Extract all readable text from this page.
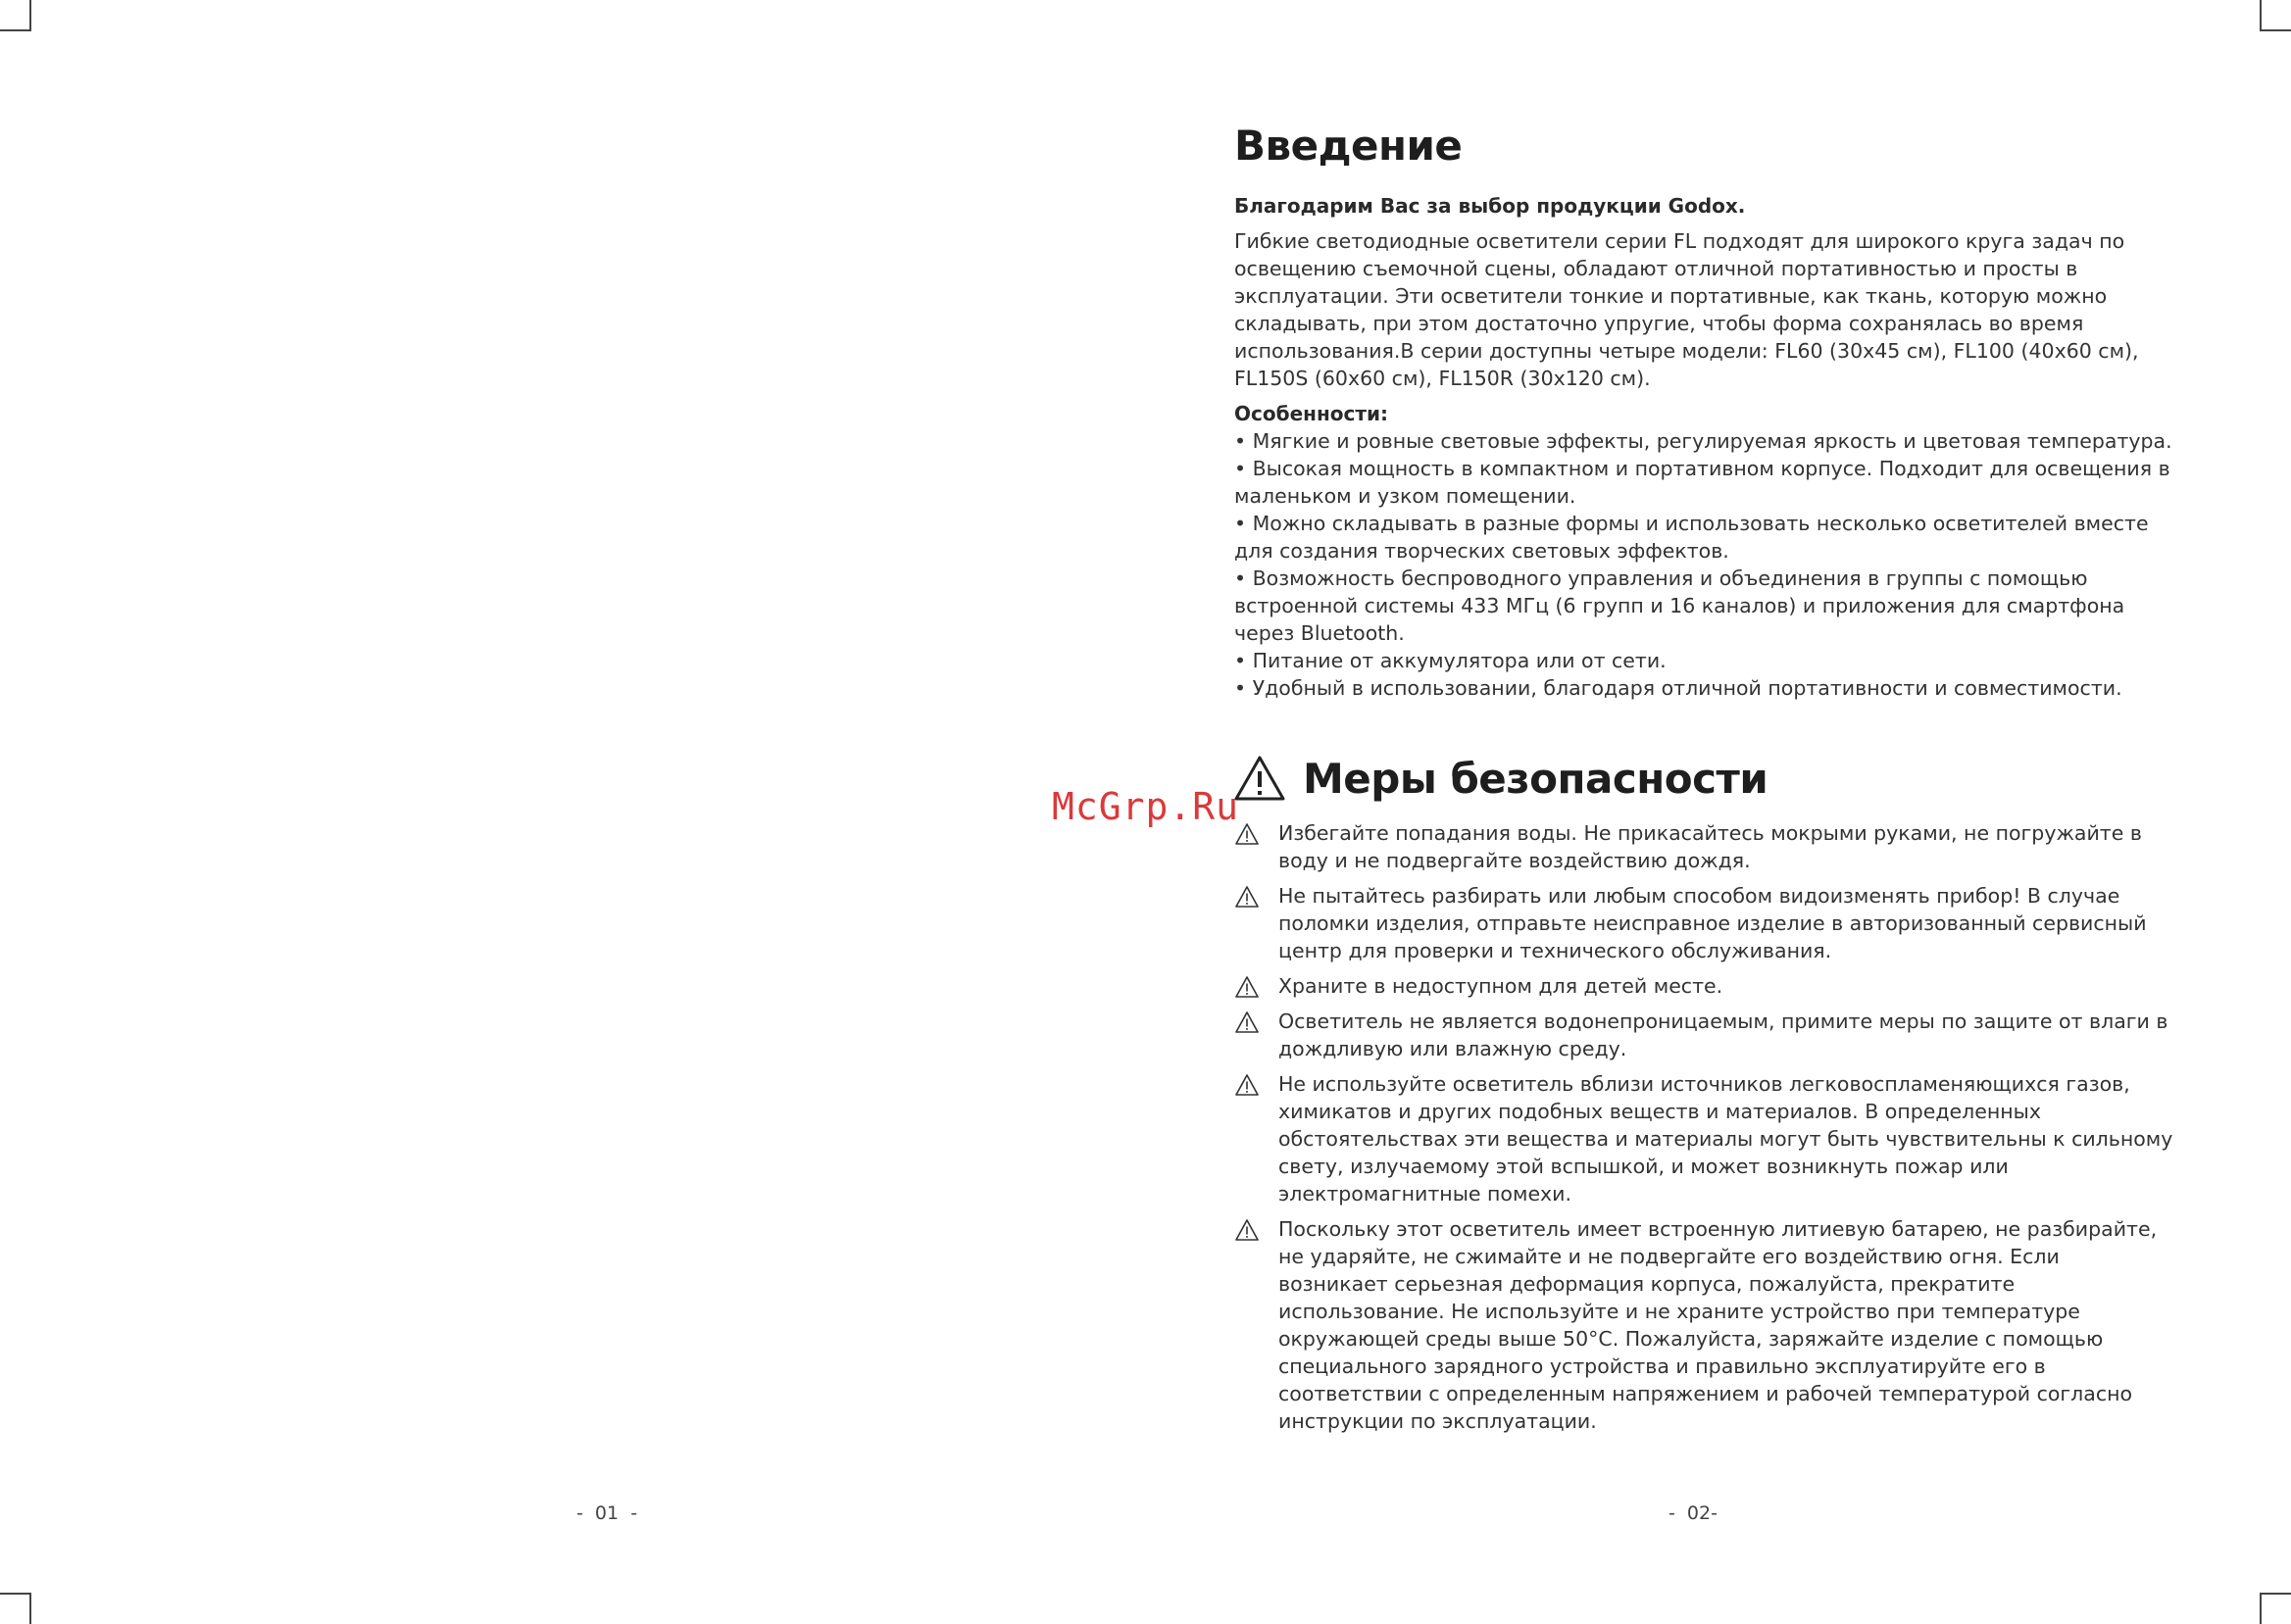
McGrp.Ru
Введение

Благодарим Вас за выбор продукции Godox.

Гибкие светодиодные осветители серии FL подходят для широкого круга задач по освещению съемочной сцены, обладают отличной портативностью и просты в эксплуатации. Эти осветители тонкие и портативные, как ткань, которую можно складывать, при этом достаточно упругие, чтобы форма сохранялась во время использования.В серии доступны четыре модели: FL60 (30x45 см), FL100 (40x60 см), FL150S (60x60 см), FL150R (30x120 см).

Особенности:

• Мягкие и ровные световые эффекты, регулируемая яркость и цветовая температура.
• Высокая мощность в компактном и портативном корпусе. Подходит для освещения в маленьком и узком помещении.
• Можно складывать в разные формы и использовать несколько осветителей вместе для создания творческих световых эффектов.
• Возможность беспроводного управления и объединения в группы с помощью встроенной системы 433 МГц (6 групп и 16 каналов) и приложения для смартфона через Bluetooth.
• Питание от аккумулятора или от сети.
• Удобный в использовании, благодаря отличной портативности и совместимости.
Меры безопасности
Избегайте попадания воды. Не прикасайтесь мокрыми руками, не погружайте в воду и не подвергайте воздействию дождя.
Не пытайтесь разбирать или любым способом видоизменять прибор! В случае поломки изделия, отправьте неисправное изделие в авторизованный сервисный центр для проверки и технического обслуживания.
Храните в недоступном для детей месте.
Осветитель не является водонепроницаемым, примите меры по защите от влаги в дождливую или влажную среду.
Не используйте осветитель вблизи источников легковоспламеняющихся газов, химикатов и других подобных веществ и материалов. В определенных обстоятельствах эти вещества и материалы могут быть чувствительны к сильному свету, излучаемому этой вспышкой, и может возникнуть пожар или электромагнитные помехи.
Поскольку этот осветитель имеет встроенную литиевую батарею, не разбирайте, не ударяйте, не сжимайте и не подвергайте его воздействию огня. Если возникает серьезная деформация корпуса, пожалуйста, прекратите использование. Не используйте и не храните устройство при температуре окружающей среды выше 50°C. Пожалуйста, заряжайте изделие с помощью специального зарядного устройства и правильно эксплуатируйте его в соответствии с определенным напряжением и рабочей температурой согласно инструкции по эксплуатации.
-  01  -	-  02-
